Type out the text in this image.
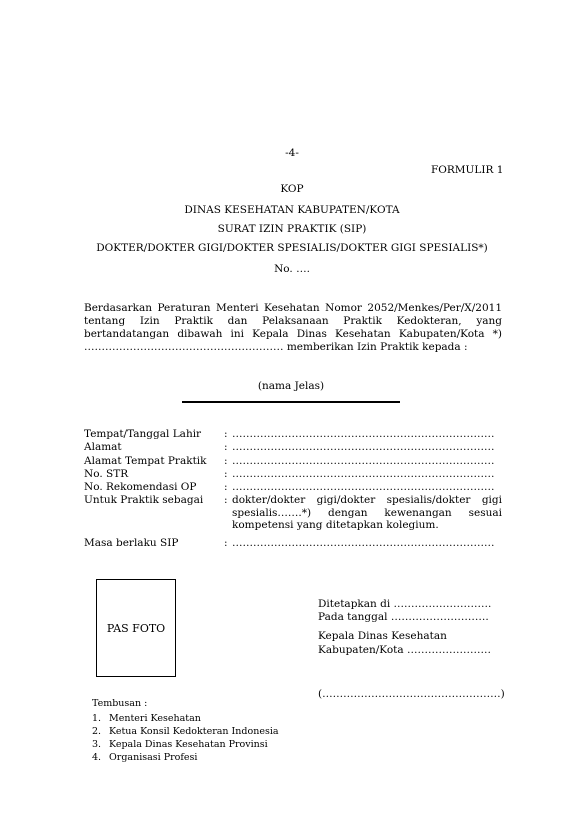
-4-
FORMULIR 1
KOP
DINAS KESEHATAN KABUPATEN/KOTA
SURAT IZIN PRAKTIK (SIP)
DOKTER/DOKTER GIGI/DOKTER SPESIALIS/DOKTER GIGI SPESIALIS*)
No. ….
Berdasarkan Peraturan Menteri Kesehatan Nomor 2052/Menkes/Per/X/2011 tentang Izin Praktik dan Pelaksanaan Praktik Kedokteran, yang bertandatangan dibawah ini Kepala Dinas Kesehatan Kabupaten/Kota *) ………………………………………………… memberikan Izin Praktik kepada :
(nama Jelas)
Tempat/Tanggal Lahir : …………………………………………………………………
Alamat	: …………………………………………………………………
Alamat Tempat Praktik : …………………………………………………………………
No. STR	: …………………………………………………………………
No. Rekomendasi OP	: …………………………………………………………………
Untuk Praktik sebagai : dokter/dokter gigi/dokter spesialis/dokter gigi spesialis…….*) dengan kewenangan sesuai kompetensi yang ditetapkan kolegium.
Masa berlaku SIP	: …………………………………………………………………
PAS FOTO
Ditetapkan di ……………………….
Pada tanggal ……………………….
Kepala Dinas Kesehatan
Kabupaten/Kota ……………………
(……………………………………………)
Tembusan :
1. Menteri Kesehatan
2. Ketua Konsil Kedokteran Indonesia
3. Kepala Dinas Kesehatan Provinsi
4. Organisasi Profesi
